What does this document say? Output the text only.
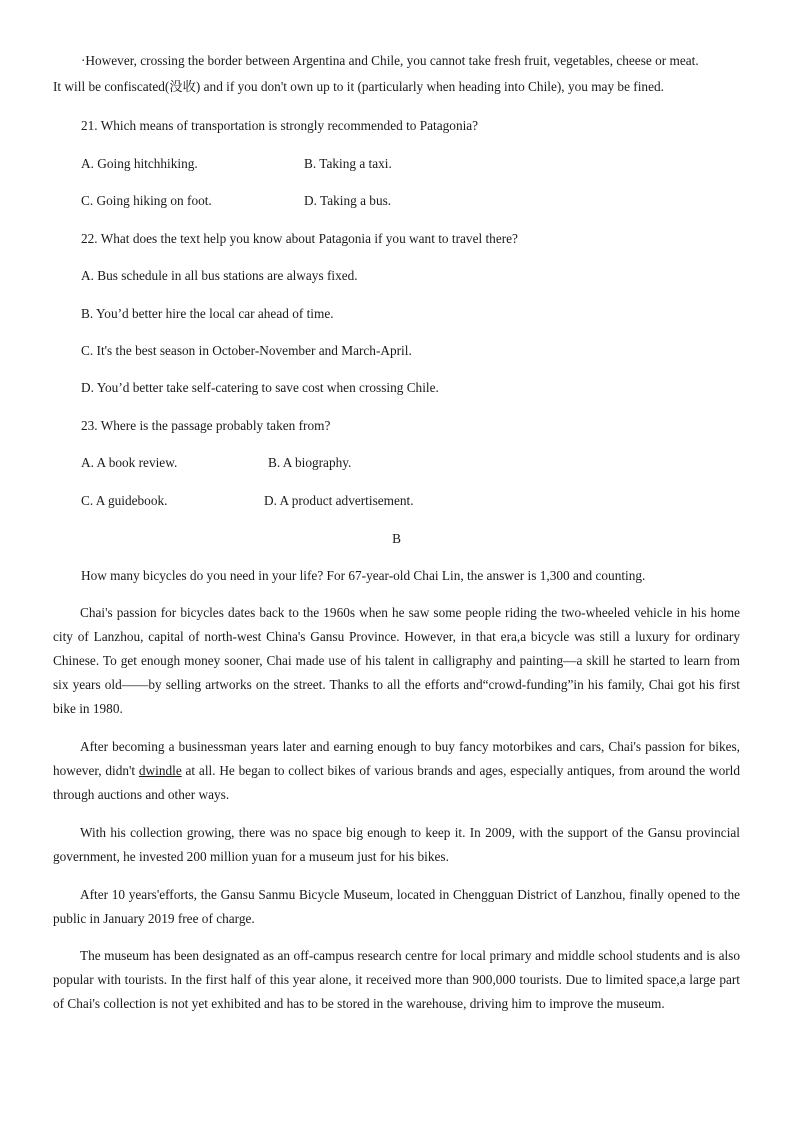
·However, crossing the border between Argentina and Chile, you cannot take fresh fruit, vegetables, cheese or meat.
It will be confiscated(没收) and if you don't own up to it (particularly when heading into Chile), you may be fined.
21. Which means of transportation is strongly recommended to Patagonia?
A. Going hitchhiking.	B. Taking a taxi.
C. Going hiking on foot.	D. Taking a bus.
22. What does the text help you know about Patagonia if you want to travel there?
A. Bus schedule in all bus stations are always fixed.
B. You’d better hire the local car ahead of time.
C. It's the best season in October-November and March-April.
D. You’d better take self-catering to save cost when crossing Chile.
23. Where is the passage probably taken from?
A. A book review.	B. A biography.
C. A guidebook.	D. A product advertisement.
B
How many bicycles do you need in your life? For 67-year-old Chai Lin, the answer is 1,300 and counting.
Chai's passion for bicycles dates back to the 1960s when he saw some people riding the two-wheeled vehicle in his home city of Lanzhou, capital of north-west China's Gansu Province. However, in that era,a bicycle was still a luxury for ordinary Chinese. To get enough money sooner, Chai made use of his talent in calligraphy and painting—a skill he started to learn from six years old——by selling artworks on the street. Thanks to all the efforts and“crowd-funding”in his family, Chai got his first bike in 1980.
After becoming a businessman years later and earning enough to buy fancy motorbikes and cars, Chai's passion for bikes, however, didn't dwindle at all. He began to collect bikes of various brands and ages, especially antiques, from around the world through auctions and other ways.
With his collection growing, there was no space big enough to keep it. In 2009, with the support of the Gansu provincial government, he invested 200 million yuan for a museum just for his bikes.
After 10 years'efforts, the Gansu Sanmu Bicycle Museum, located in Chengguan District of Lanzhou, finally opened to the public in January 2019 free of charge.
The museum has been designated as an off-campus research centre for local primary and middle school students and is also popular with tourists. In the first half of this year alone, it received more than 900,000 tourists. Due to limited space,a large part of Chai's collection is not yet exhibited and has to be stored in the warehouse, driving him to improve the museum.
